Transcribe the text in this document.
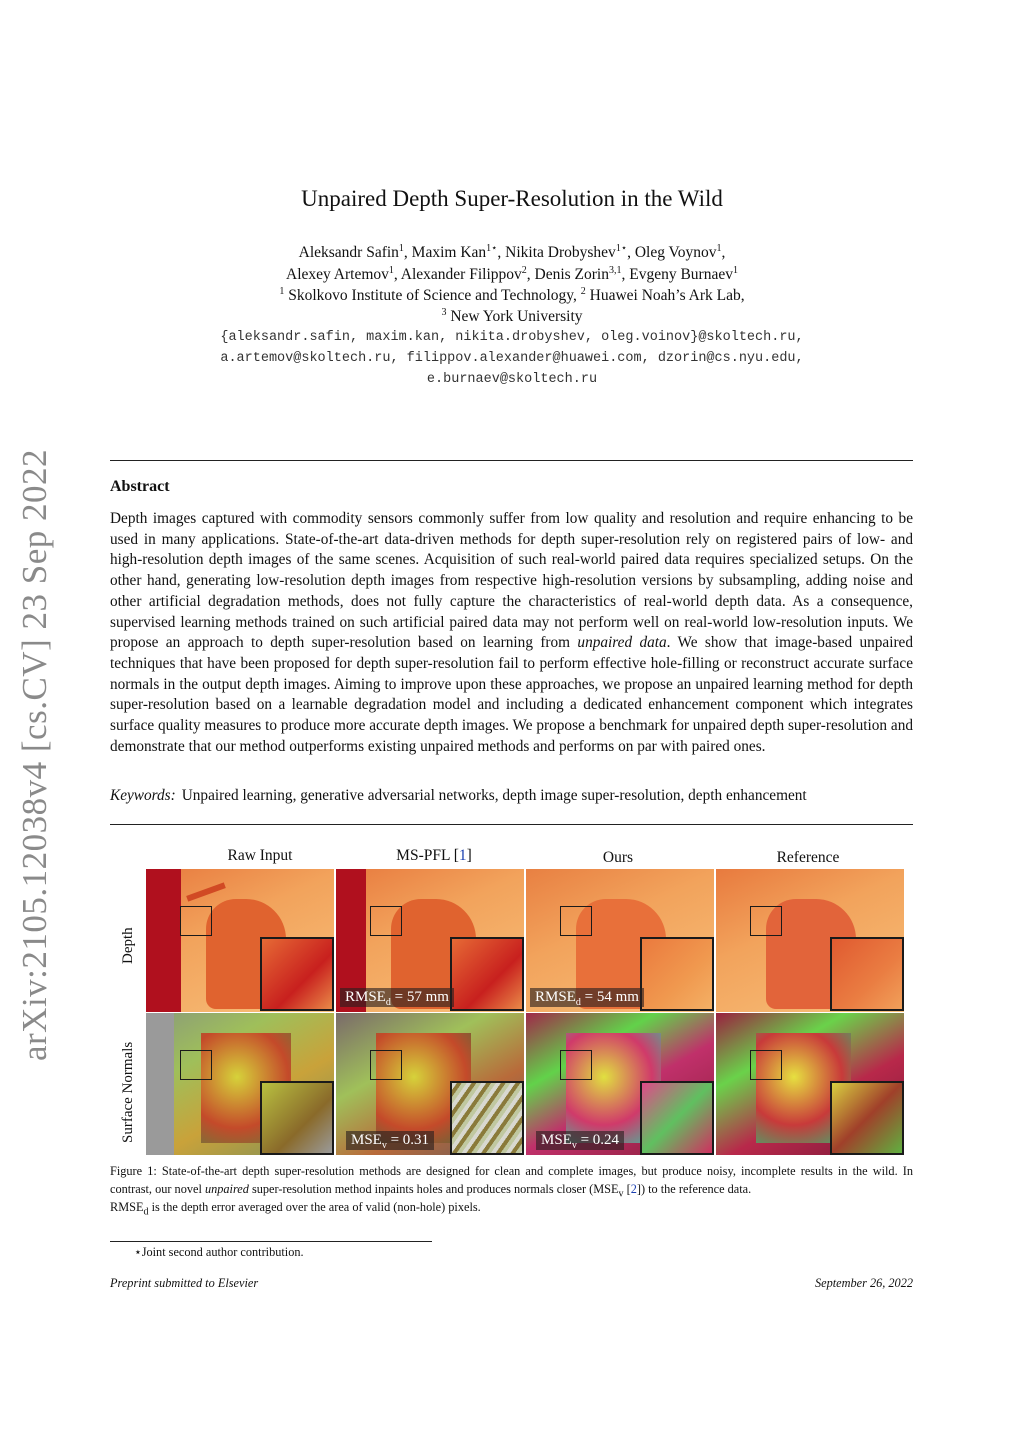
arXiv:2105.12038v4 [cs.CV] 23 Sep 2022
Unpaired Depth Super-Resolution in the Wild
Aleksandr Safin$^1$, Maxim Kan$^{1⋆}$, Nikita Drobyshev$^{1⋆}$, Oleg Voynov$^1$,
Alexey Artemov$^1$, Alexander Filippov$^2$, Denis Zorin$^{3,1}$, Evgeny Burnaev$^1$
$^1$ Skolkovo Institute of Science and Technology, $^2$ Huawei Noah’s Ark Lab,
$^3$ New York University
{aleksandr.safin, maxim.kan, nikita.drobyshev, oleg.voinov}@skoltech.ru,
a.artemov@skoltech.ru, filippov.alexander@huawei.com, dzorin@cs.nyu.edu,
e.burnaev@skoltech.ru
Abstract
Depth images captured with commodity sensors commonly suffer from low quality and resolution and require enhancing to be used in many applications. State-of-the-art data-driven methods for depth super-resolution rely on registered pairs of low- and high-resolution depth images of the same scenes. Acquisition of such real-world paired data requires specialized setups. On the other hand, generating low-resolution depth images from respective high-resolution versions by subsampling, adding noise and other artificial degradation methods, does not fully capture the characteristics of real-world depth data. As a consequence, supervised learning methods trained on such artificial paired data may not perform well on real-world low-resolution inputs. We propose an approach to depth super-resolution based on learning from unpaired data. We show that image-based unpaired techniques that have been proposed for depth super-resolution fail to perform effective hole-filling or reconstruct accurate surface normals in the output depth images. Aiming to improve upon these approaches, we propose an unpaired learning method for depth super-resolution based on a learnable degradation model and including a dedicated enhancement component which integrates surface quality measures to produce more accurate depth images. We propose a benchmark for unpaired depth super-resolution and demonstrate that our method outperforms existing unpaired methods and performs on par with paired ones.
Keywords: Unpaired learning, generative adversarial networks, depth image super-resolution, depth enhancement
Raw Input	MS-PFL [1]	Ours	Reference
Depth
Surface Normals
$RMSE_d = 57$ mm	$RMSE_d = 54$ mm
$MSE_v = 0.31$	$MSE_v = 0.24$
Figure 1: State-of-the-art depth super-resolution methods are designed for clean and complete images, but produce noisy, incomplete results in the wild. In contrast, our novel unpaired super-resolution method inpaints holes and produces normals closer ($MSE_v$ [2]) to the reference data.
$RMSE_d$ is the depth error averaged over the area of valid (non-hole) pixels.
⋆Joint second author contribution.
Preprint submitted to Elsevier	September 26, 2022
